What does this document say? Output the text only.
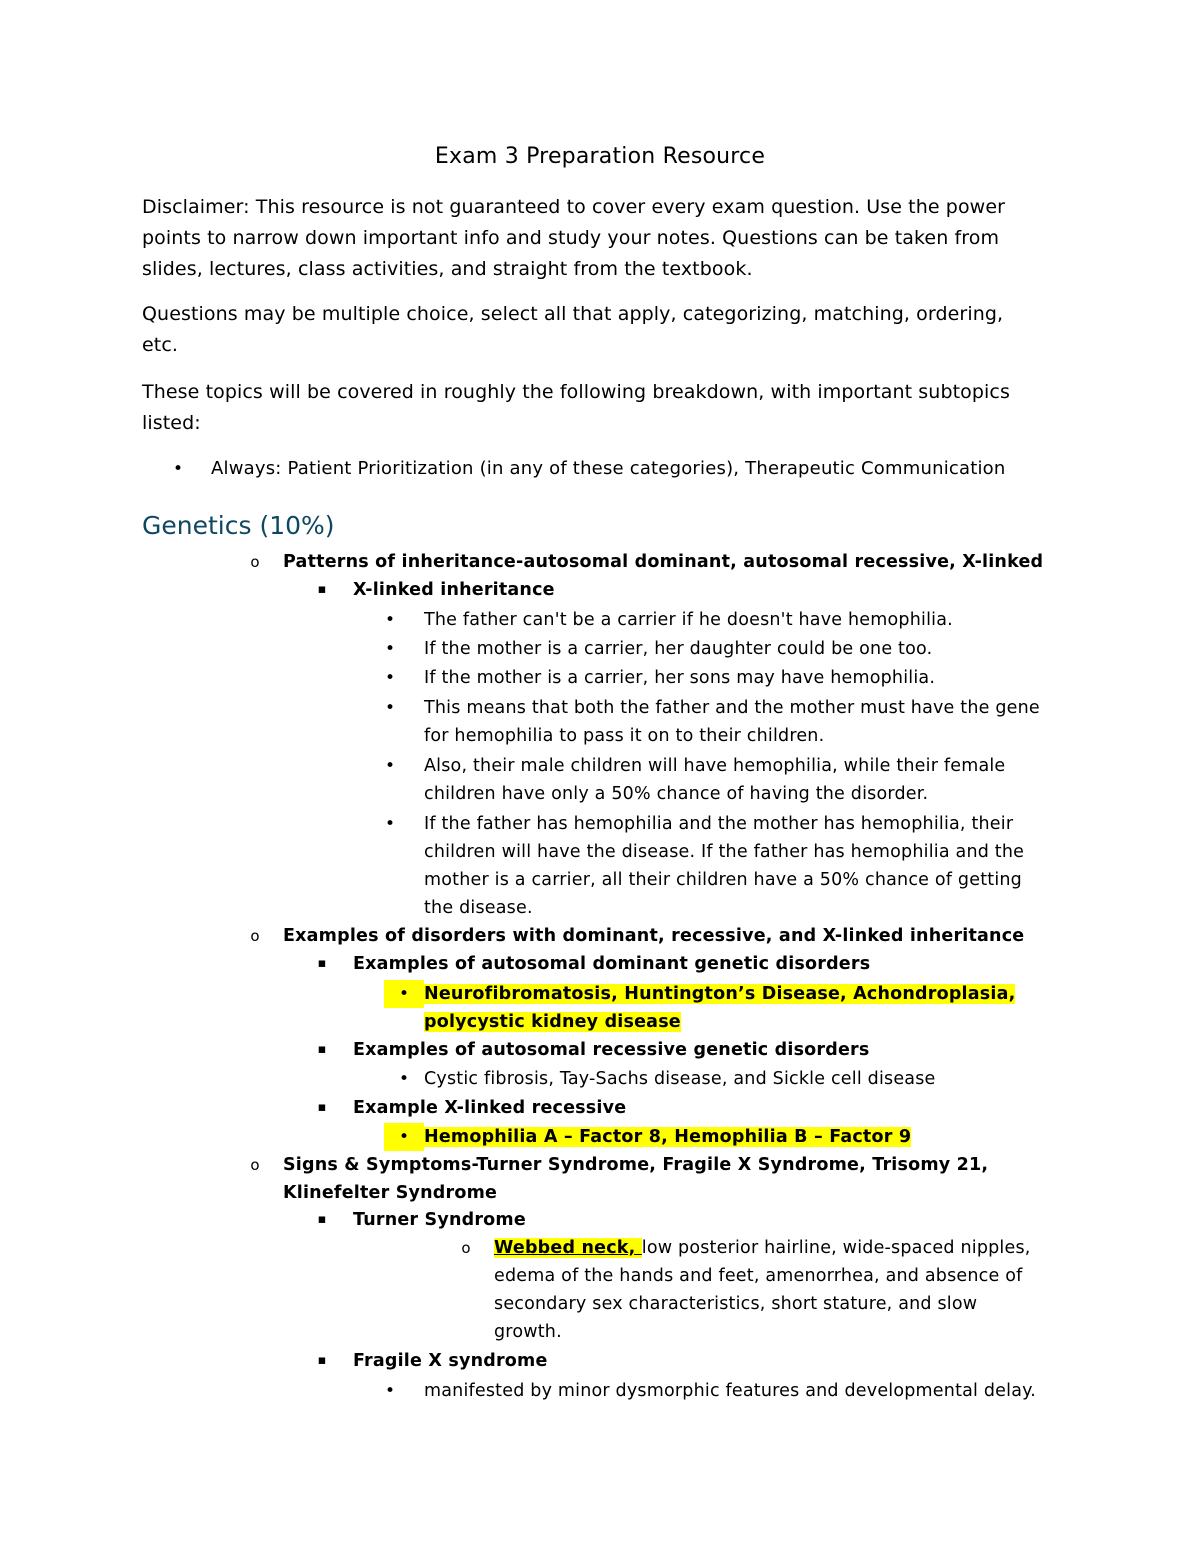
Exam 3 Preparation Resource
Disclaimer: This resource is not guaranteed to cover every exam question. Use the power
points to narrow down important info and study your notes. Questions can be taken from
slides, lectures, class activities, and straight from the textbook.
Questions may be multiple choice, select all that apply, categorizing, matching, ordering,
etc.
These topics will be covered in roughly the following breakdown, with important subtopics
listed:
•	Always: Patient Prioritization (in any of these categories), Therapeutic Communication
Genetics (10%)
o	Patterns of inheritance-autosomal dominant, autosomal recessive, X-linked
▪	X-linked inheritance
•	The father can't be a carrier if he doesn't have hemophilia.
•	If the mother is a carrier, her daughter could be one too.
•	If the mother is a carrier, her sons may have hemophilia.
•	This means that both the father and the mother must have the gene
for hemophilia to pass it on to their children.
•	Also, their male children will have hemophilia, while their female
children have only a 50% chance of having the disorder.
•	If the father has hemophilia and the mother has hemophilia, their
children will have the disease. If the father has hemophilia and the
mother is a carrier, all their children have a 50% chance of getting
the disease.
o	Examples of disorders with dominant, recessive, and X-linked inheritance
▪	Examples of autosomal dominant genetic disorders
• Neurofibromatosis, Huntington’s Disease, Achondroplasia,
polycystic kidney disease
▪	Examples of autosomal recessive genetic disorders
• Cystic fibrosis, Tay-Sachs disease, and Sickle cell disease
▪	Example X-linked recessive
• Hemophilia A – Factor 8, Hemophilia B – Factor 9
o	Signs & Symptoms-Turner Syndrome, Fragile X Syndrome, Trisomy 21,
Klinefelter Syndrome
▪	Turner Syndrome
o	Webbed neck, low posterior hairline, wide-spaced nipples,
edema of the hands and feet, amenorrhea, and absence of
secondary sex characteristics, short stature, and slow
growth.
▪	Fragile X syndrome
•	manifested by minor dysmorphic features and developmental delay.
